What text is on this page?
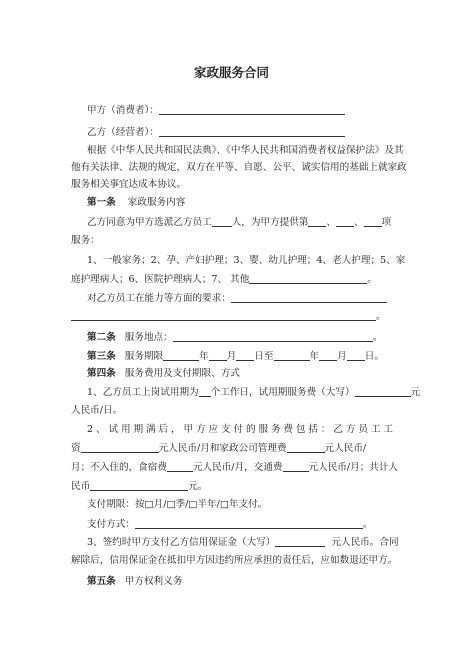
家政服务合同
甲方（消费者）：
乙方（经营者）：
根据《中华人民共和国民法典》、《中华人民共和国消费者权益保护法》及其
他有关法律、法规的规定，双方在平等、自愿、公平、诚实信用的基础上就家政
服务相关事宜达成本协议。
第一条 家政服务内容
乙方同意为甲方选派乙方员工 人，为甲方提供第 、 、 项
服务：
1、一般家务；2、孕、产妇护理；3、婴、幼儿护理；4、老人护理；5、家
庭护理病人；6、医院护理病人；7、 其他	。
对乙方员工在能力等方面的要求：
。
第二条 服务地点：	。
第三条 服务期限	年 月 日至	年 月 日。
第四条 服务费用及支付期限、方式
1、乙方员工上岗试用期为 个工作日，试用期服务费（大写）	元
人民币/日。
2、试用期满后，甲方应支付的服务费包括：乙方员工工
资	元人民币/月和家政公司管理费	元人民币/
月；不入住的，食宿费	元人民币/月，交通费	元人民币/月；共计人
民币	元。
支付期限：按□月/□季/□半年/□年支付。
支付方式：	。
3、签约时甲方支付乙方信用保证金（大写）	元人民币。合同
解除后，信用保证金在抵扣甲方因违约所应承担的责任后，应如数退还甲方。
第五条 甲方权利义务
